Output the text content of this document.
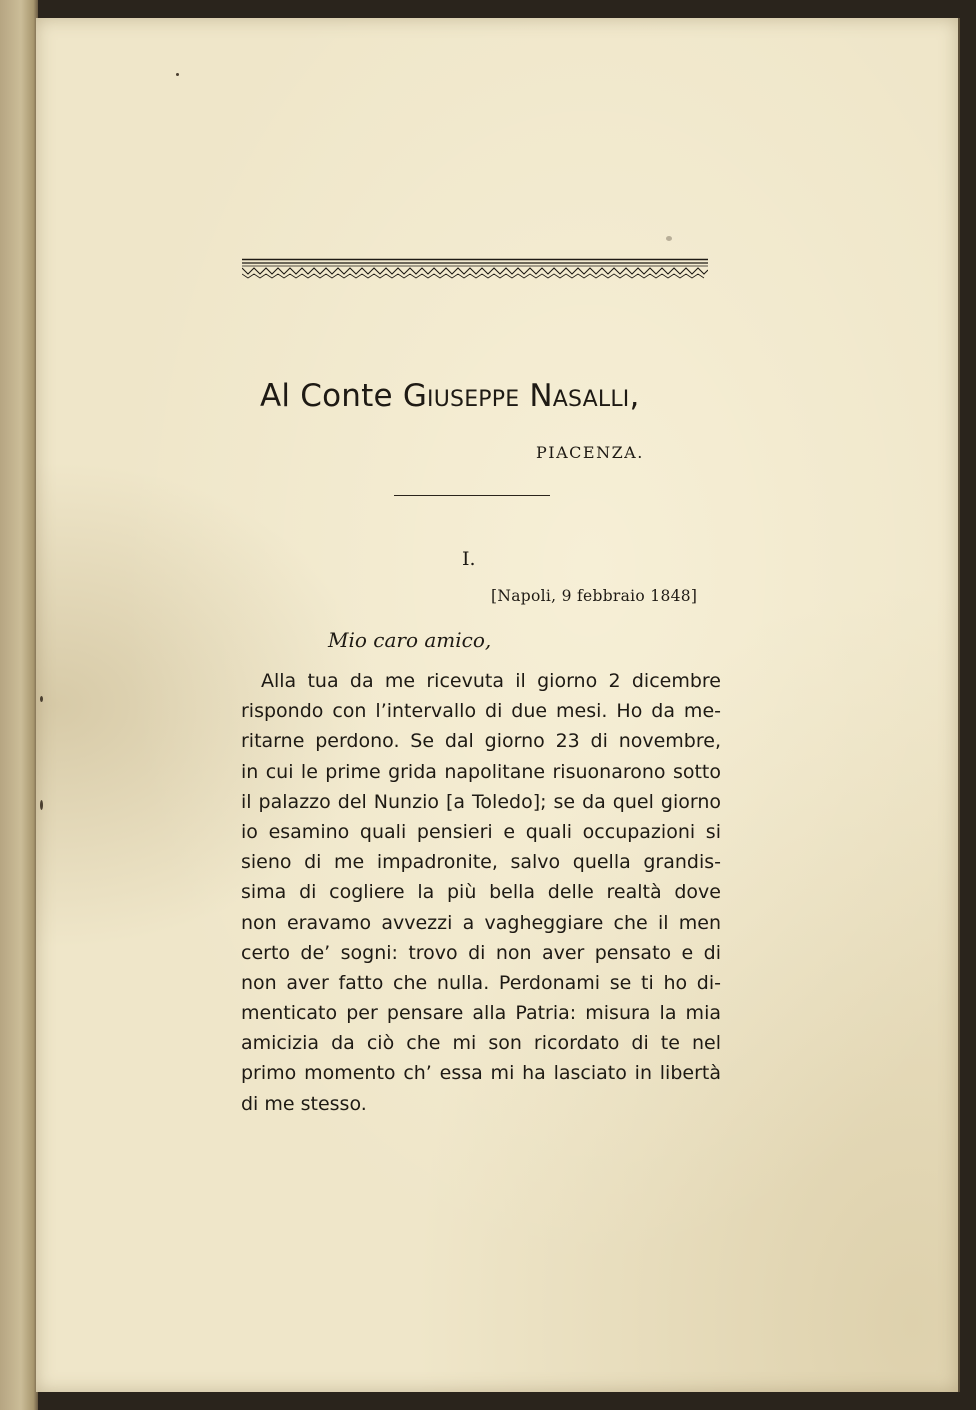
Al Conte Giuseppe Nasalli,
PIACENZA.
I.
[Napoli, 9 febbraio 1848]
Mio caro amico,
Alla tua da me ricevuta il giorno 2 dicembre
rispondo con l’intervallo di due mesi. Ho da me-
ritarne perdono. Se dal giorno 23 di novembre,
in cui le prime grida napolitane risuonarono sotto
il palazzo del Nunzio [a Toledo]; se da quel giorno
io esamino quali pensieri e quali occupazioni si
sieno di me impadronite, salvo quella grandis-
sima di cogliere la più bella delle realtà dove
non eravamo avvezzi a vagheggiare che il men
certo de’ sogni: trovo di non aver pensato e di
non aver fatto che nulla. Perdonami se ti ho di-
menticato per pensare alla Patria: misura la mia
amicizia da ciò che mi son ricordato di te nel
primo momento ch’ essa mi ha lasciato in libertà
di me stesso.
